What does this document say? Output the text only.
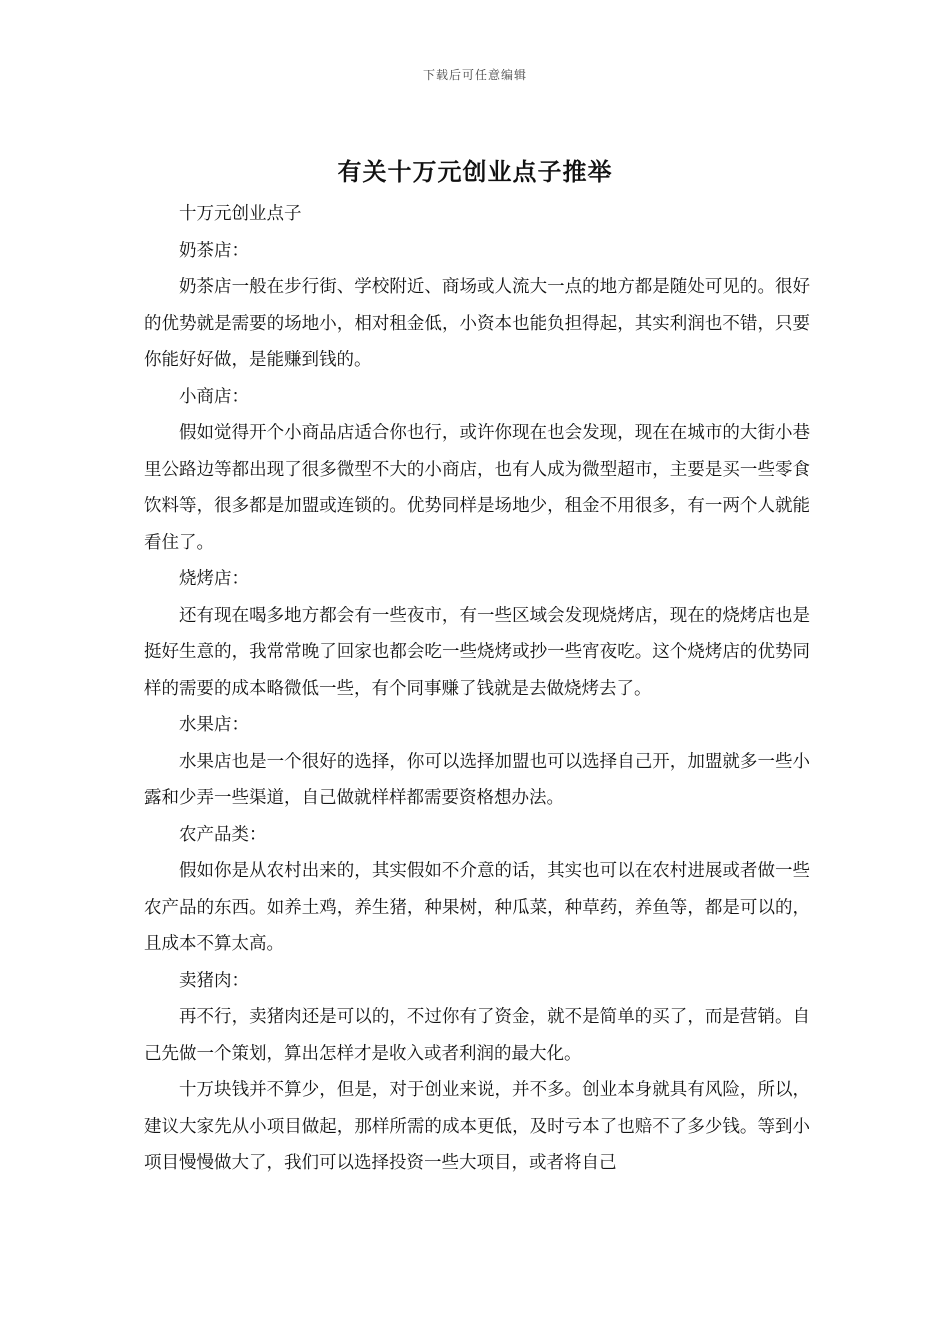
下载后可任意编辑
有关十万元创业点子推举

十万元创业点子

奶茶店：

奶茶店一般在步行街、学校附近、商场或人流大一点的地方都是随处可见的。很好的优势就是需要的场地小，相对租金低，小资本也能负担得起，其实利润也不错，只要你能好好做，是能赚到钱的。

小商店：

假如觉得开个小商品店适合你也行，或许你现在也会发现，现在在城市的大街小巷里公路边等都出现了很多微型不大的小商店，也有人成为微型超市，主要是买一些零食饮料等，很多都是加盟或连锁的。优势同样是场地少，租金不用很多，有一两个人就能看住了。

烧烤店：

还有现在喝多地方都会有一些夜市，有一些区域会发现烧烤店，现在的烧烤店也是挺好生意的，我常常晚了回家也都会吃一些烧烤或抄一些宵夜吃。这个烧烤店的优势同样的需要的成本略微低一些，有个同事赚了钱就是去做烧烤去了。

水果店：

水果店也是一个很好的选择，你可以选择加盟也可以选择自己开，加盟就多一些小露和少弄一些渠道，自己做就样样都需要资格想办法。

农产品类：

假如你是从农村出来的，其实假如不介意的话，其实也可以在农村进展或者做一些农产品的东西。如养土鸡，养生猪，种果树，种瓜菜，种草药，养鱼等，都是可以的，且成本不算太高。

卖猪肉：

再不行，卖猪肉还是可以的，不过你有了资金，就不是简单的买了，而是营销。自己先做一个策划，算出怎样才是收入或者利润的最大化。

十万块钱并不算少，但是，对于创业来说，并不多。创业本身就具有风险，所以，建议大家先从小项目做起，那样所需的成本更低，及时亏本了也赔不了多少钱。等到小项目慢慢做大了，我们可以选择投资一些大项目，或者将自己
